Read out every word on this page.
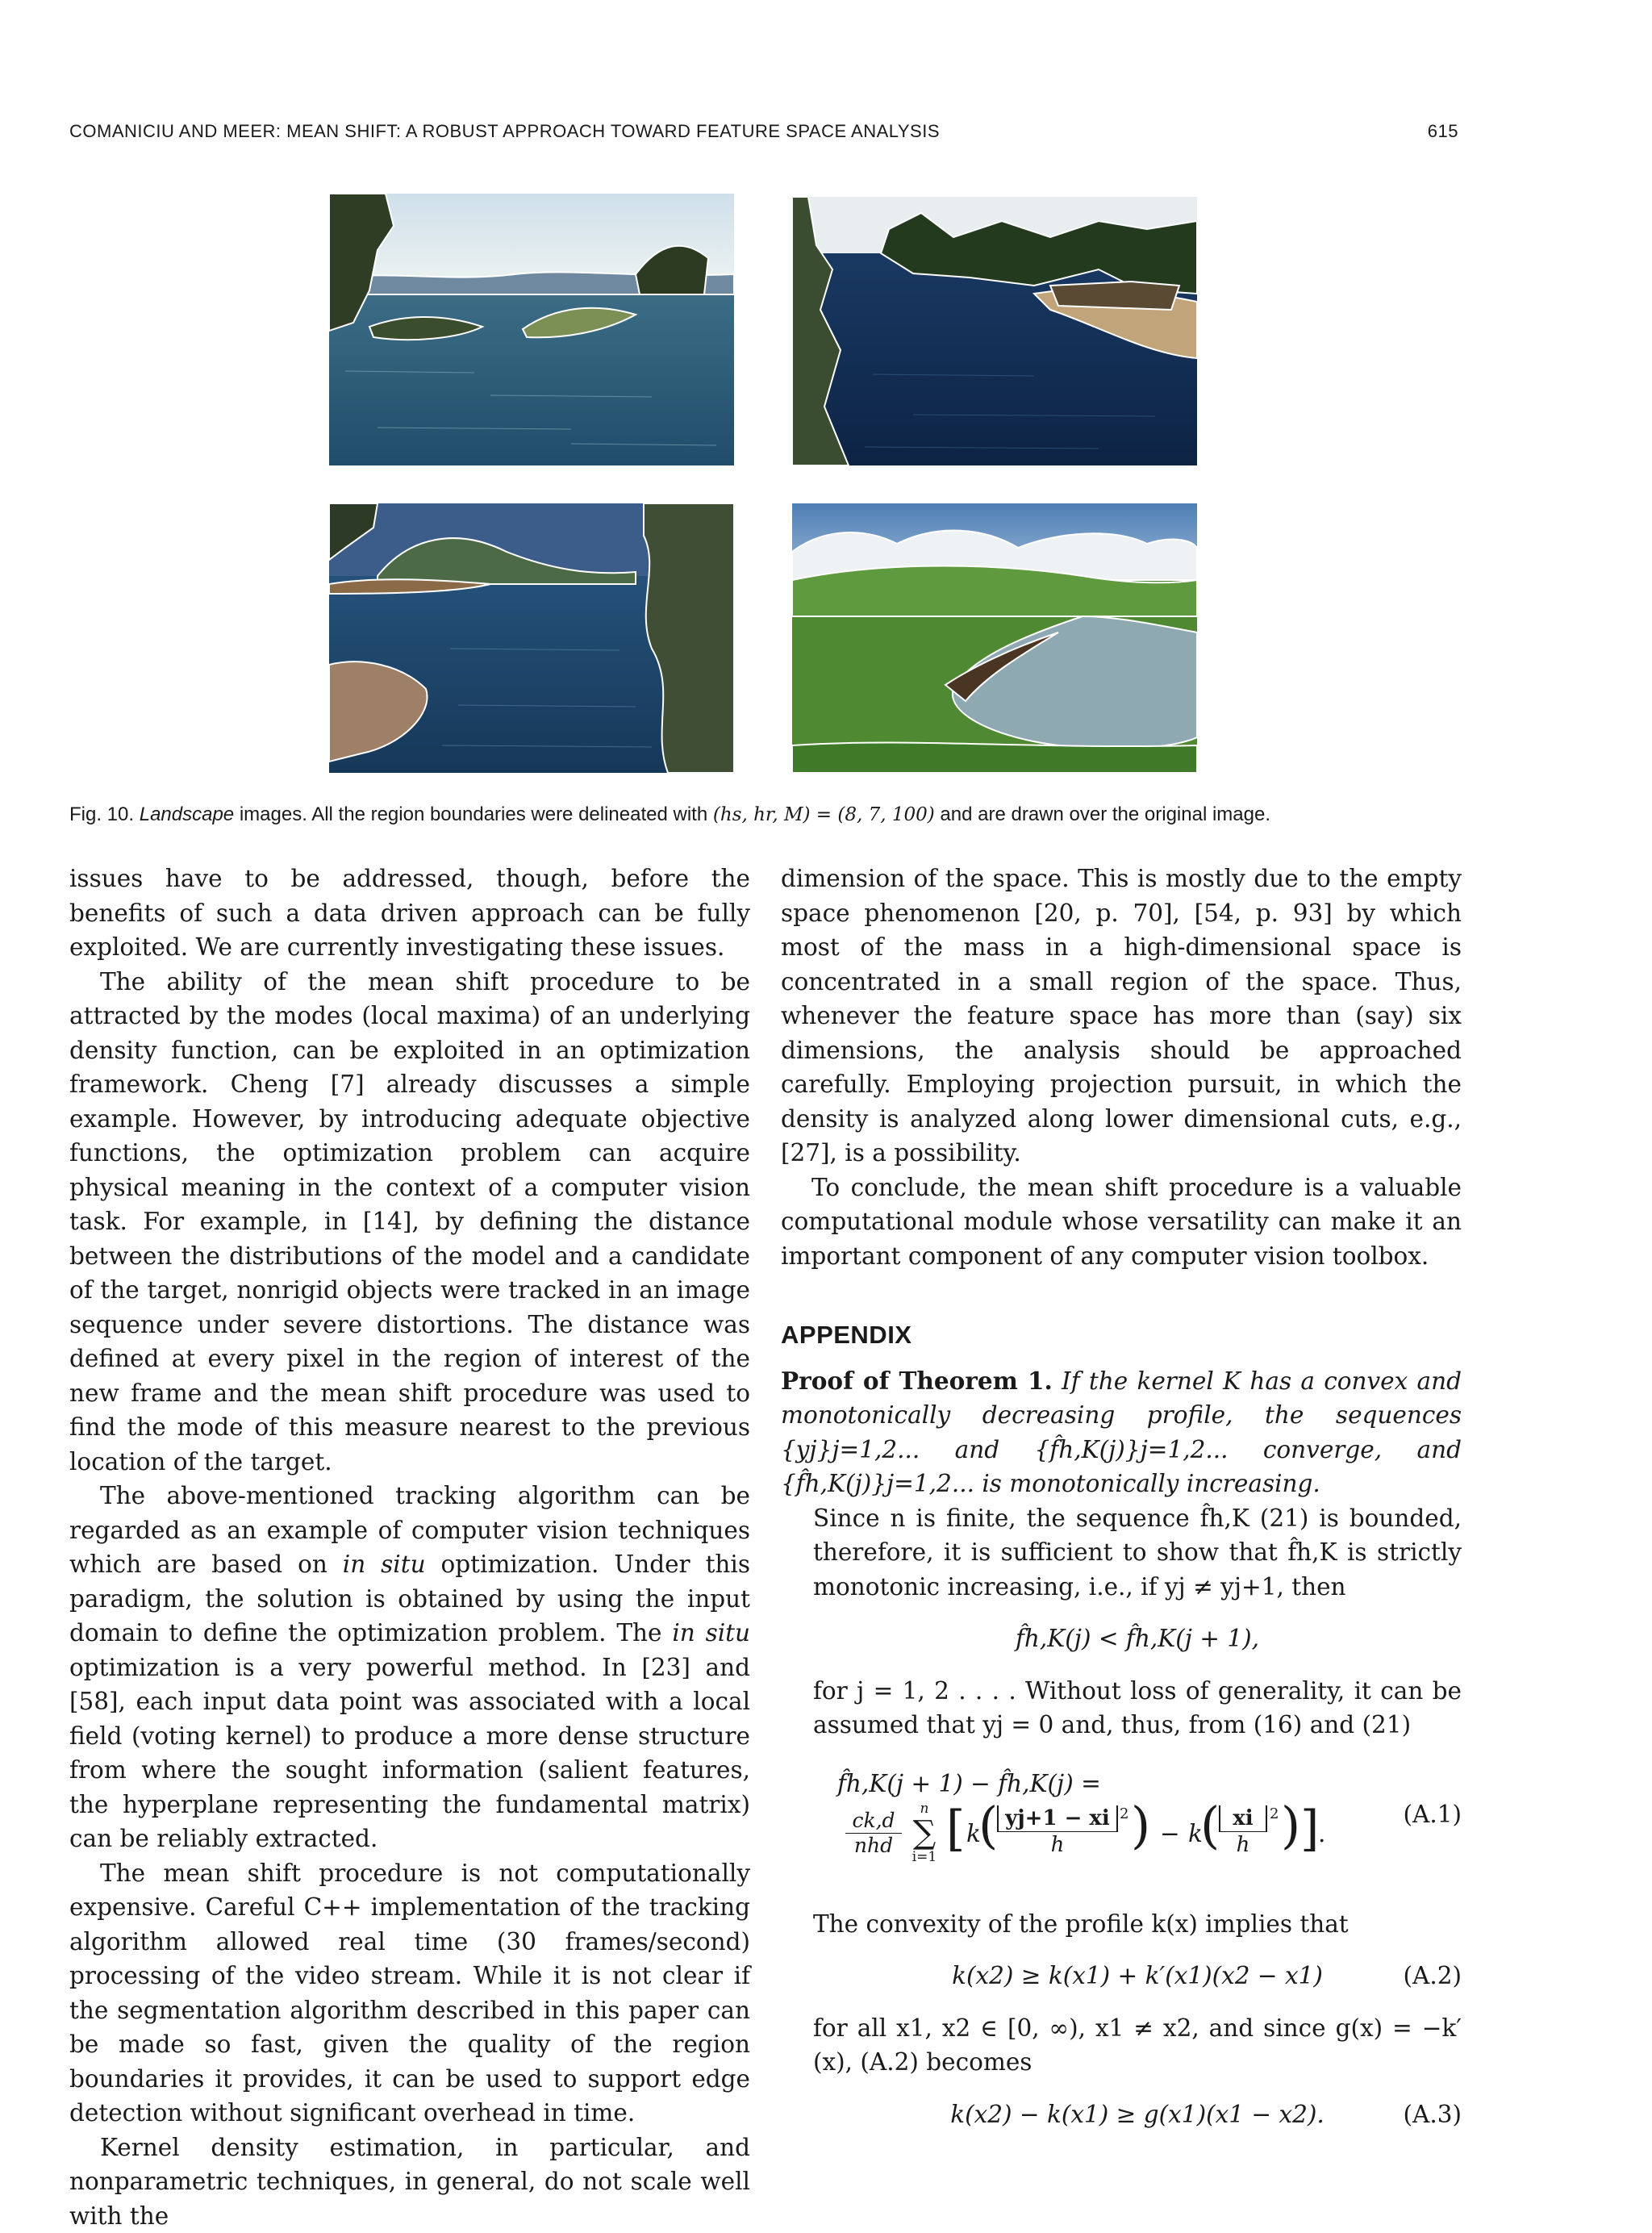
COMANICIU AND MEER: MEAN SHIFT: A ROBUST APPROACH TOWARD FEATURE SPACE ANALYSIS	615
Fig. 10. Landscape images. All the region boundaries were delineated with (hs, hr, M) = (8, 7, 100) and are drawn over the original image.

issues have to be addressed, though, before the benefits of such a data driven approach can be fully exploited. We are currently investigating these issues.

The ability of the mean shift procedure to be attracted by the modes (local maxima) of an underlying density function, can be exploited in an optimization framework. Cheng [7] already discusses a simple example. However, by introducing adequate objective functions, the optimization problem can acquire physical meaning in the context of a computer vision task. For example, in [14], by defining the distance between the distributions of the model and a candidate of the target, nonrigid objects were tracked in an image sequence under severe distortions. The distance was defined at every pixel in the region of interest of the new frame and the mean shift procedure was used to find the mode of this measure nearest to the previous location of the target.

The above-mentioned tracking algorithm can be regarded as an example of computer vision techniques which are based on in situ optimization. Under this paradigm, the solution is obtained by using the input domain to define the optimization problem. The in situ optimization is a very powerful method. In [23] and [58], each input data point was associated with a local field (voting kernel) to produce a more dense structure from where the sought information (salient features, the hyperplane representing the fundamental matrix) can be reliably extracted.

The mean shift procedure is not computationally expensive. Careful C++ implementation of the tracking algorithm allowed real time (30 frames/second) processing of the video stream. While it is not clear if the segmentation algorithm described in this paper can be made so fast, given the quality of the region boundaries it provides, it can be used to support edge detection without significant overhead in time.

Kernel density estimation, in particular, and nonparametric techniques, in general, do not scale well with the

dimension of the space. This is mostly due to the empty space phenomenon [20, p. 70], [54, p. 93] by which most of the mass in a high-dimensional space is concentrated in a small region of the space. Thus, whenever the feature space has more than (say) six dimensions, the analysis should be approached carefully. Employing projection pursuit, in which the density is analyzed along lower dimensional cuts, e.g., [27], is a possibility.

To conclude, the mean shift procedure is a valuable computational module whose versatility can make it an important component of any computer vision toolbox.

APPENDIX

Proof of Theorem 1. If the kernel K has a convex and monotonically decreasing profile, the sequences {yj}j=1,2... and {f̂h,K(j)}j=1,2... converge, and {f̂h,K(j)}j=1,2... is monotonically increasing.

Since n is finite, the sequence f̂h,K (21) is bounded, therefore, it is sufficient to show that f̂h,K is strictly monotonic increasing, i.e., if yj ≠ yj+1, then

f̂h,K(j) < f̂h,K(j + 1),

for j = 1, 2 . . . . Without loss of generality, it can be assumed that yj = 0 and, thus, from (16) and (21)

f̂h,K(j + 1) − f̂h,K(j) =
ck,d
nhd
n
∑
i=1 [ k
(
$\frac{yj+1 - xi}{h} 2$ ) − k
( xi
h
2 ) ]
.
(A.1)

The convexity of the profile k(x) implies that

k(x2) ≥ k(x1) + k′(x1)(x2 − x1)	(A.2)

for all x1, x2 ∈ [0, ∞), x1 ≠ x2, and since g(x) = −k′(x), (A.2) becomes

k(x2) − k(x1) ≥ g(x1)(x1 − x2).	(A.3)
